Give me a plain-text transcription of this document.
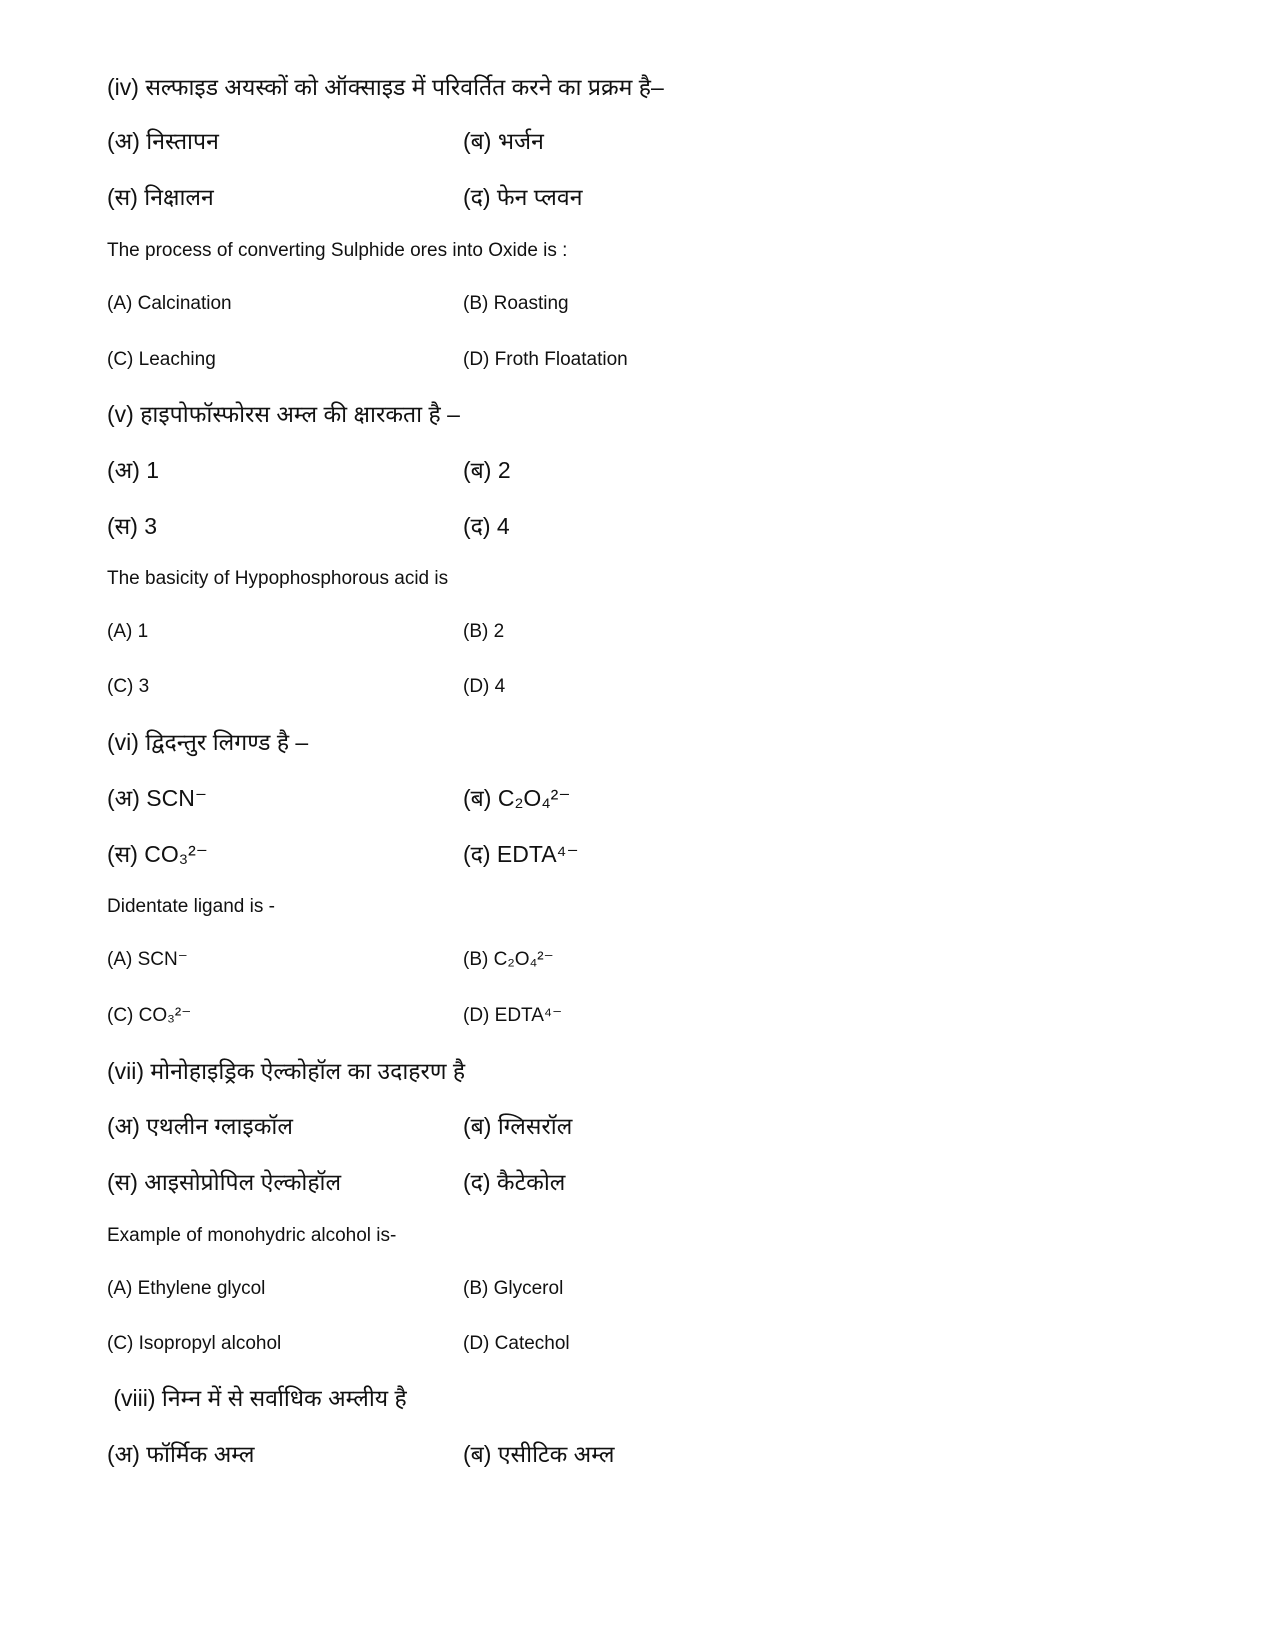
(iv) सल्फाइड अयस्कों को ऑक्साइड में परिवर्तित करने का प्रक्रम है–
(अ) निस्तापन	(ब) भर्जन
(स) निक्षालन	(द) फेन प्लवन
The process of converting Sulphide ores into Oxide is :
(A) Calcination	(B) Roasting
(C) Leaching	(D) Froth Floatation
(v) हाइपोफॉस्फोरस अम्ल की क्षारकता है –
(अ) 1	(ब) 2
(स) 3	(द) 4
The basicity of Hypophosphorous acid is
(A) 1	(B) 2
(C) 3	(D) 4
(vi) द्विदन्तुर लिगण्ड है –
(अ) SCN⁻	(ब) C₂O₄²⁻
(स) CO₃²⁻	(द) EDTA⁴⁻
Didentate ligand is -
(A) SCN⁻	(B) C₂O₄²⁻
(C) CO₃²⁻	(D) EDTA⁴⁻
(vii) मोनोहाइड्रिक ऐल्कोहॉल का उदाहरण है
(अ) एथलीन ग्लाइकॉल	(ब) ग्लिसरॉल
(स) आइसोप्रोपिल ऐल्कोहॉल	(द) कैटेकोल
Example of monohydric alcohol is-
(A) Ethylene glycol	(B) Glycerol
(C) Isopropyl alcohol	(D) Catechol
(viii) निम्न में से सर्वाधिक अम्लीय है
(अ) फॉर्मिक अम्ल	(ब) एसीटिक अम्ल
